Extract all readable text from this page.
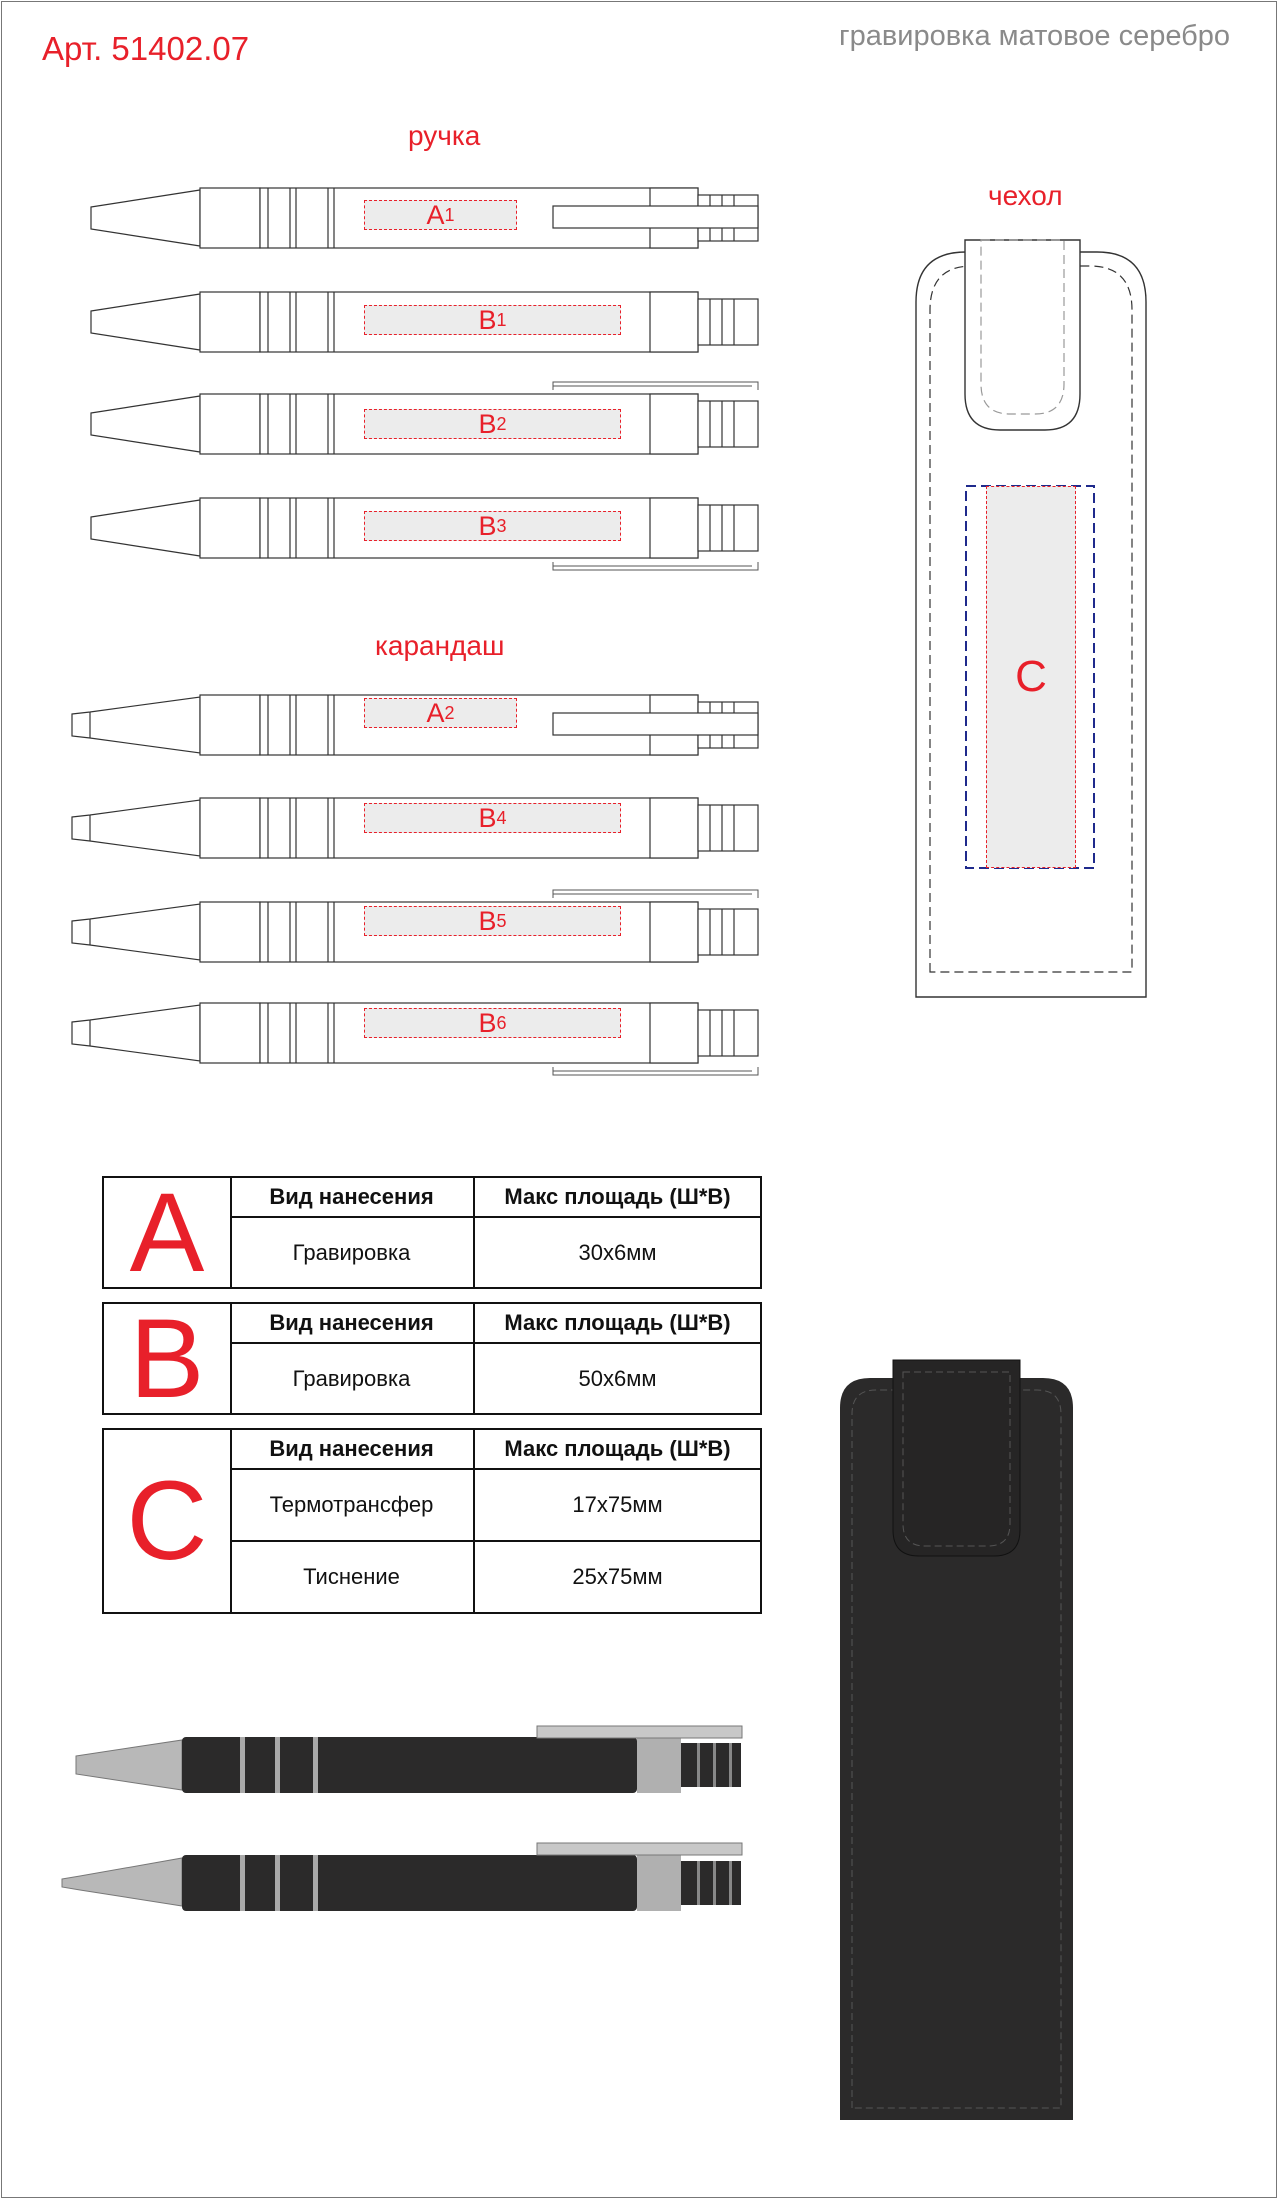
Арт. 51402.07	гравировка матовое серебро
ручка
карандаш
чехол
A 1
B 1
B 2
B 3
A 2
B 4
B 5
B 6
C
A	Вид нанесения	Макс площадь (Ш*В)
Гравировка	30x6мм
B	Вид нанесения	Макс площадь (Ш*В)
Гравировка	50x6мм
C
Вид нанесения	Макс площадь (Ш*В)
Термотрансфер	17x75мм
Тиснение	25x75мм
